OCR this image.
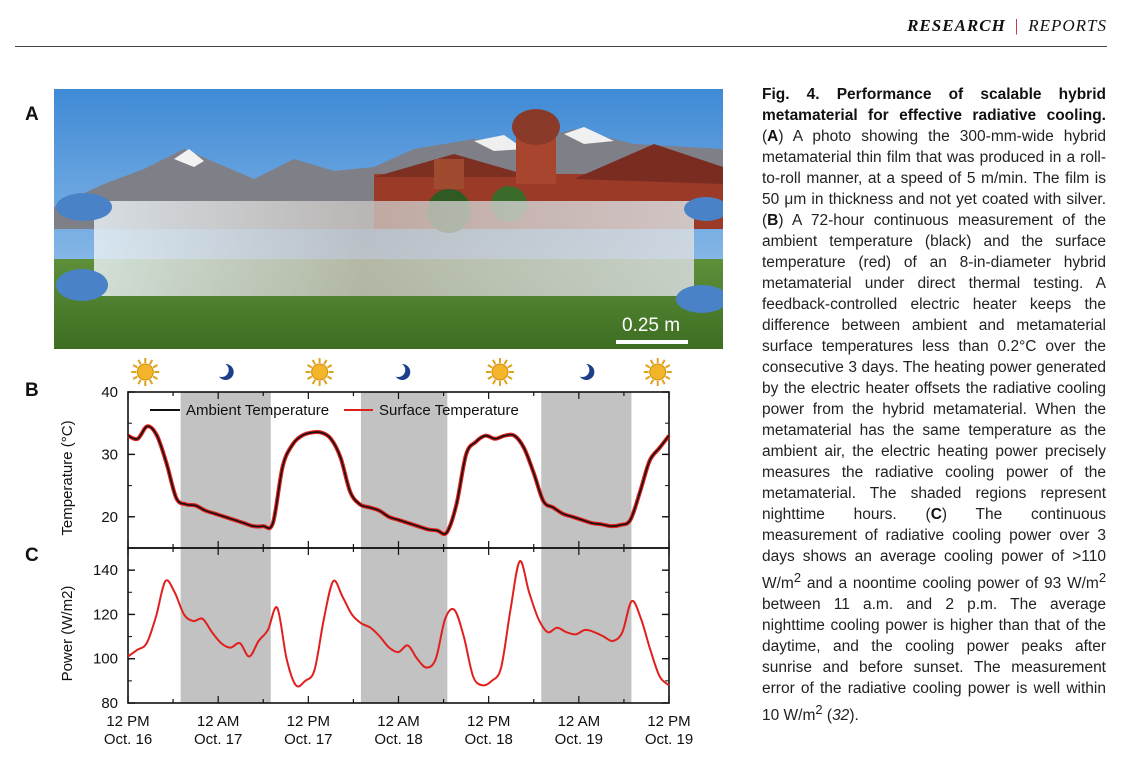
RESEARCH | REPORTS
A
B
C
0.25 m
20
30
40
Temperature (°C)
80
100
120
140
Power (W/m2)
Ambient Temperature	Surface Temperature
12 PM
Oct. 16
12 AM
Oct. 17
12 PM
Oct. 17
12 AM
Oct. 18
12 PM
Oct. 18
12 AM
Oct. 19
12 PM
Oct. 19
Fig. 4. Performance of scalable hybrid metamaterial for effective radiative cooling. (A) A photo showing the 300-mm-wide hybrid metamaterial thin film that was produced in a roll-to-roll manner, at a speed of 5 m/min. The film is 50 μm in thickness and not yet coated with silver. (B) A 72-hour continuous measurement of the ambient temperature (black) and the surface temperature (red) of an 8-in-diameter hybrid metamaterial under direct thermal testing. A feedback-controlled electric heater keeps the difference between ambient and metamaterial surface temperatures less than 0.2°C over the consecutive 3 days. The heating power generated by the electric heater offsets the radiative cooling power from the hybrid metamaterial. When the metamaterial has the same temperature as the ambient air, the electric heating power precisely measures the radiative cooling power of the metamaterial. The shaded regions represent nighttime hours. (C) The continuous measurement of radiative cooling power over 3 days shows an average cooling power of >110 $W/m^2$ and a noontime cooling power of 93 $W/m^2$ between 11 a.m. and 2 p.m. The average nighttime cooling power is higher than that of the daytime, and the cooling power peaks after sunrise and before sunset. The measurement error of the radiative cooling power is well within 10 $W/m^2$ (32).
